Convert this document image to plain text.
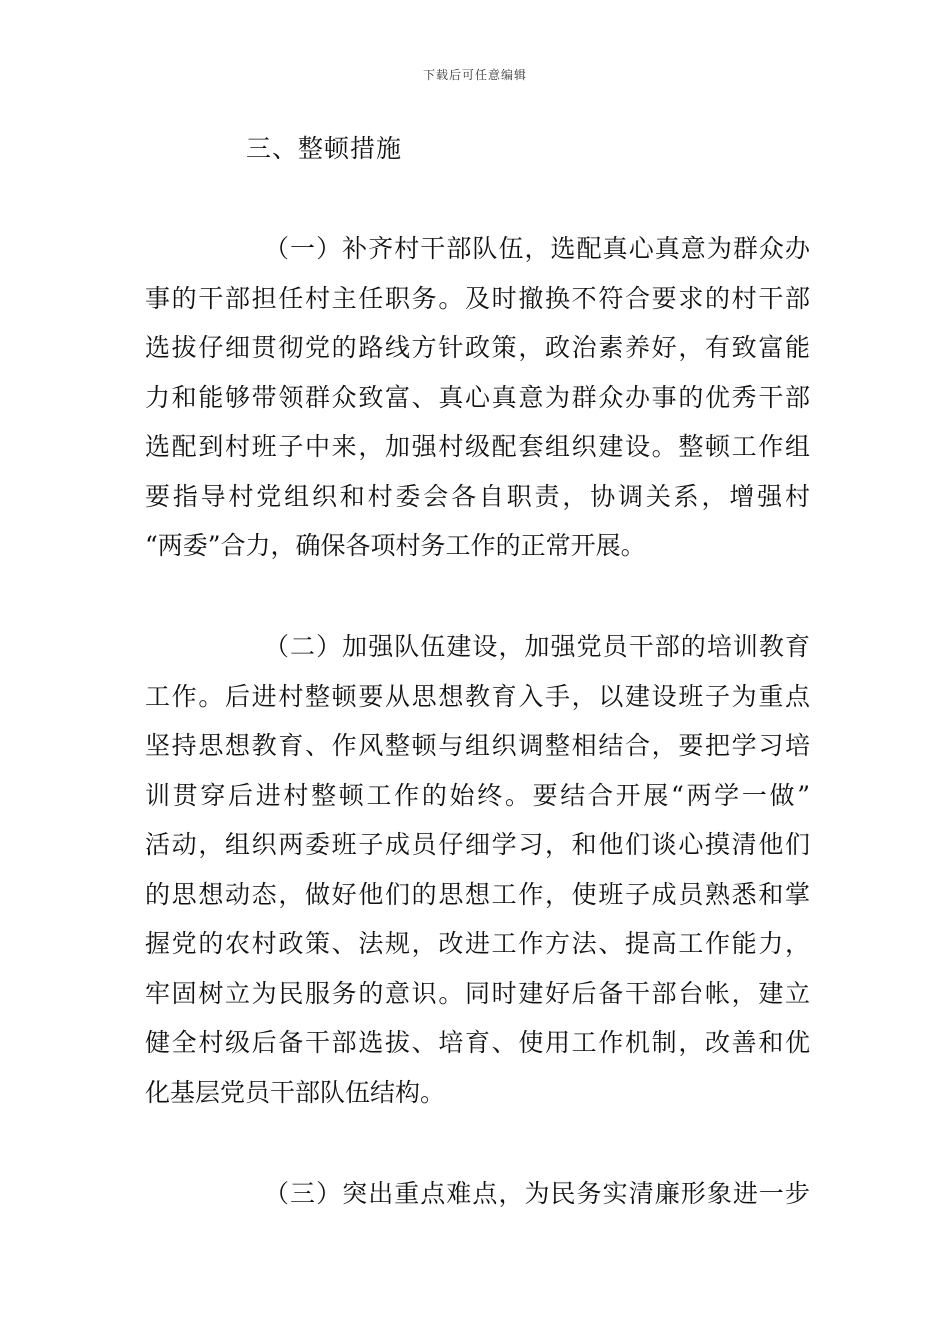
下载后可任意编辑
三、整顿措施
（一）补齐村干部队伍，选配真心真意为群众办
事的干部担任村主任职务。及时撤换不符合要求的村干部
选拔仔细贯彻党的路线方针政策，政治素养好，有致富能
力和能够带领群众致富、真心真意为群众办事的优秀干部
选配到村班子中来，加强村级配套组织建设。整顿工作组
要指导村党组织和村委会各自职责，协调关系，增强村
“两委”合力，确保各项村务工作的正常开展。
（二）加强队伍建设，加强党员干部的培训教育
工作。后进村整顿要从思想教育入手，以建设班子为重点
坚持思想教育、作风整顿与组织调整相结合，要把学习培
训贯穿后进村整顿工作的始终。要结合开展“两学一做”
活动，组织两委班子成员仔细学习，和他们谈心摸清他们
的思想动态，做好他们的思想工作，使班子成员熟悉和掌
握党的农村政策、法规，改进工作方法、提高工作能力，
牢固树立为民服务的意识。同时建好后备干部台帐，建立
健全村级后备干部选拔、培育、使用工作机制，改善和优
化基层党员干部队伍结构。
（三）突出重点难点，为民务实清廉形象进一步
